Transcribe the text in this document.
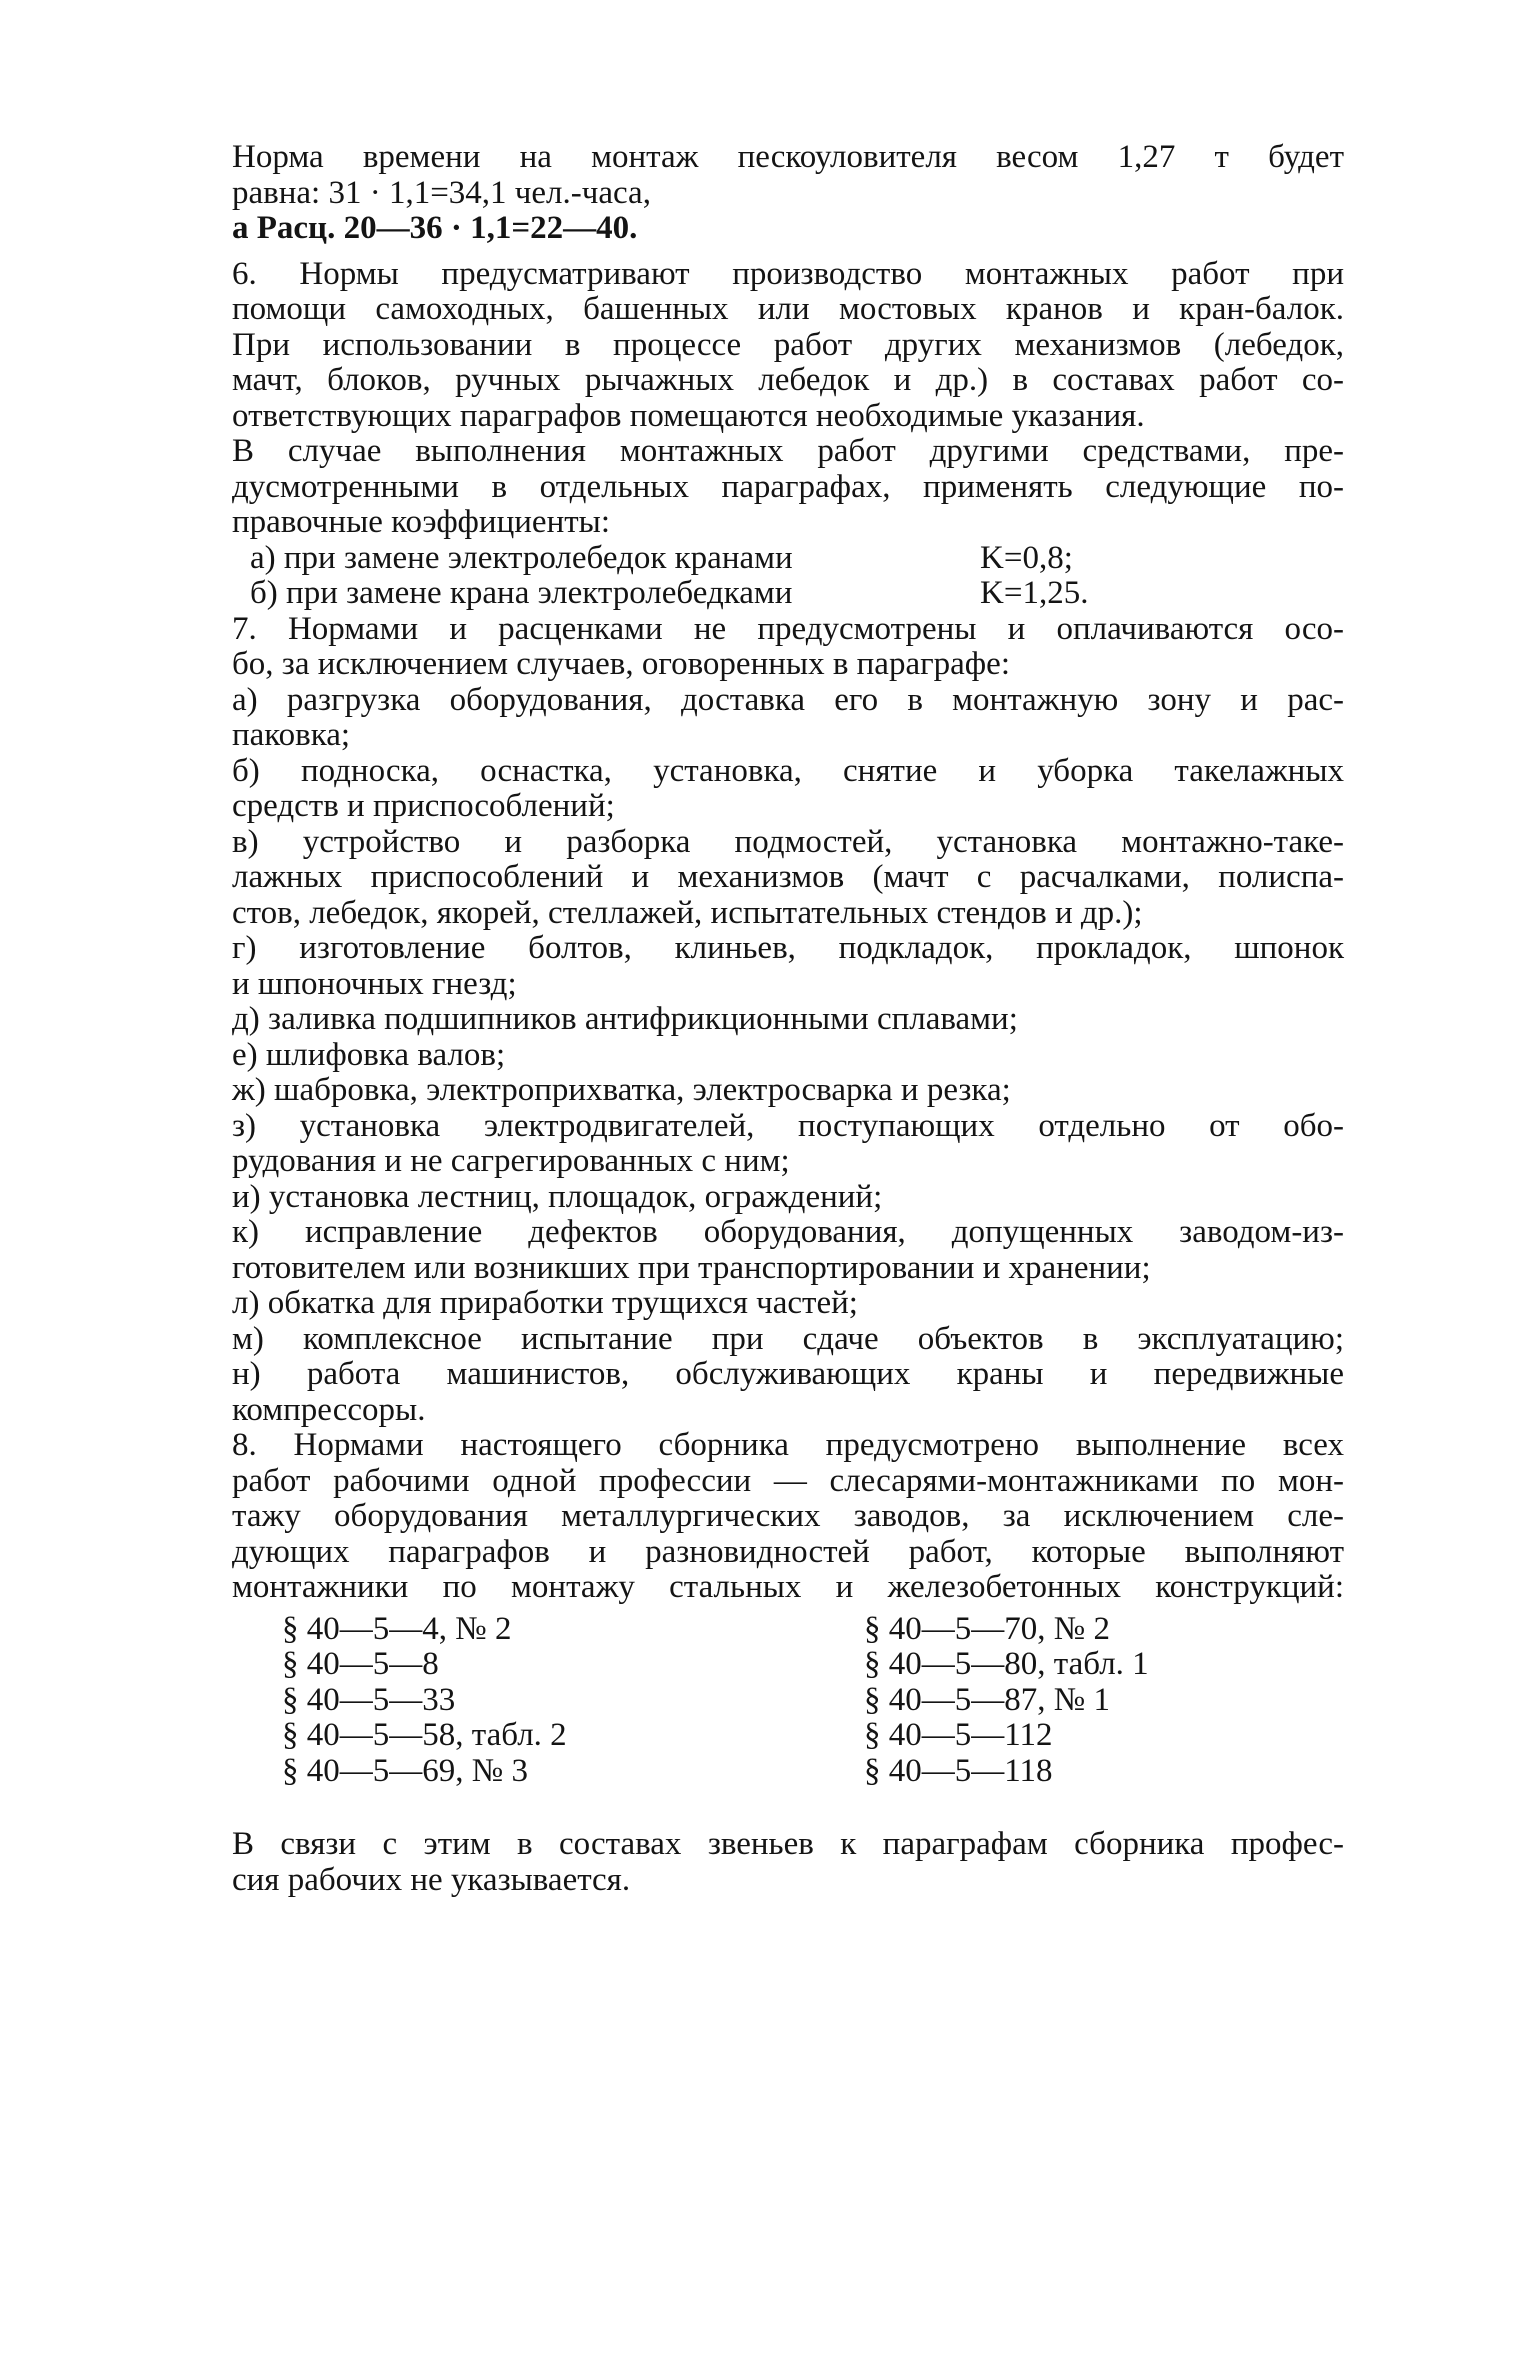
Норма времени на монтаж пескоуловителя весом 1,27 т будет

равна: 31 · 1,1=34,1 чел.-часа,

а Расц. 20—36 · 1,1=22—40.

6. Нормы предусматривают производство монтажных работ при

помощи самоходных, башенных или мостовых кранов и кран-балок.

При использовании в процессе работ других механизмов (лебедок,

мачт, блоков, ручных рычажных лебедок и др.) в составах работ со-

ответствующих параграфов помещаются необходимые указания.

В случае выполнения монтажных работ другими средствами, пре-

дусмотренными в отдельных параграфах, применять следующие по-

правочные коэффициенты:

а) при замене электролебедок кранами	K=0,8;
б) при замене крана электролебедками	K=1,25.

7. Нормами и расценками не предусмотрены и оплачиваются осо-

бо, за исключением случаев, оговоренных в параграфе:

а) разгрузка оборудования, доставка его в монтажную зону и рас-

паковка;

б) подноска, оснастка, установка, снятие и уборка такелажных

средств и приспособлений;

в) устройство и разборка подмостей, установка монтажно-таке-

лажных приспособлений и механизмов (мачт с расчалками, полиспа-

стов, лебедок, якорей, стеллажей, испытательных стендов и др.);

г) изготовление болтов, клиньев, подкладок, прокладок, шпонок

и шпоночных гнезд;

д) заливка подшипников антифрикционными сплавами;

е) шлифовка валов;

ж) шабровка, электроприхватка, электросварка и резка;

з) установка электродвигателей, поступающих отдельно от обо-

рудования и не сагрегированных с ним;

и) установка лестниц, площадок, ограждений;

к) исправление дефектов оборудования, допущенных заводом-из-

готовителем или возникших при транспортировании и хранении;

л) обкатка для приработки трущихся частей;

м) комплексное испытание при сдаче объектов в эксплуатацию;

н) работа машинистов, обслуживающих краны и передвижные

компрессоры.

8. Нормами настоящего сборника предусмотрено выполнение всех

работ рабочими одной профессии — слесарями-монтажниками по мон-

тажу оборудования металлургических заводов, за исключением сле-

дующих параграфов и разновидностей работ, которые выполняют

монтажники по монтажу стальных и железобетонных конструкций:

§ 40—5—4, № 2	§ 40—5—70, № 2
§ 40—5—8	§ 40—5—80, табл. 1
§ 40—5—33	§ 40—5—87, № 1
§ 40—5—58, табл. 2	§ 40—5—112
§ 40—5—69, № 3	§ 40—5—118

В связи с этим в составах звеньев к параграфам сборника профес-

сия рабочих не указывается.
